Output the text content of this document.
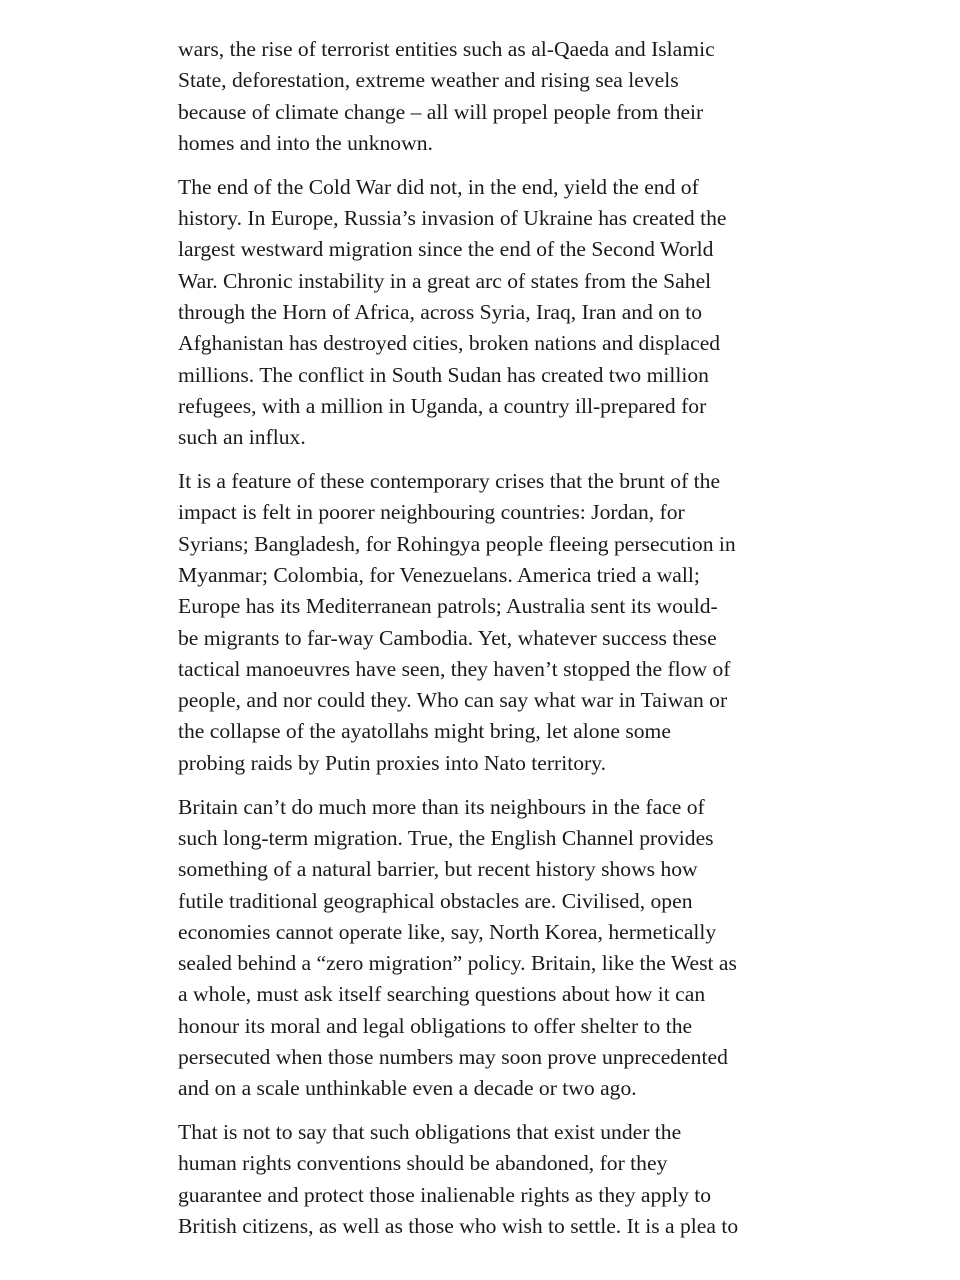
wars, the rise of terrorist entities such as al-Qaeda and Islamic
State, deforestation, extreme weather and rising sea levels
because of climate change – all will propel people from their
homes and into the unknown.

The end of the Cold War did not, in the end, yield the end of
history. In Europe, Russia’s invasion of Ukraine has created the
largest westward migration since the end of the Second World
War. Chronic instability in a great arc of states from the Sahel
through the Horn of Africa, across Syria, Iraq, Iran and on to
Afghanistan has destroyed cities, broken nations and displaced
millions. The conflict in South Sudan has created two million
refugees, with a million in Uganda, a country ill-prepared for
such an influx.

It is a feature of these contemporary crises that the brunt of the
impact is felt in poorer neighbouring countries: Jordan, for
Syrians; Bangladesh, for Rohingya people fleeing persecution in
Myanmar; Colombia, for Venezuelans. America tried a wall;
Europe has its Mediterranean patrols; Australia sent its would-
be migrants to far-way Cambodia. Yet, whatever success these
tactical manoeuvres have seen, they haven’t stopped the flow of
people, and nor could they. Who can say what war in Taiwan or
the collapse of the ayatollahs might bring, let alone some
probing raids by Putin proxies into Nato territory.

Britain can’t do much more than its neighbours in the face of
such long-term migration. True, the English Channel provides
something of a natural barrier, but recent history shows how
futile traditional geographical obstacles are. Civilised, open
economies cannot operate like, say, North Korea, hermetically
sealed behind a “zero migration” policy. Britain, like the West as
a whole, must ask itself searching questions about how it can
honour its moral and legal obligations to offer shelter to the
persecuted when those numbers may soon prove unprecedented
and on a scale unthinkable even a decade or two ago.

That is not to say that such obligations that exist under the
human rights conventions should be abandoned, for they
guarantee and protect those inalienable rights as they apply to
British citizens, as well as those who wish to settle. It is a plea to
